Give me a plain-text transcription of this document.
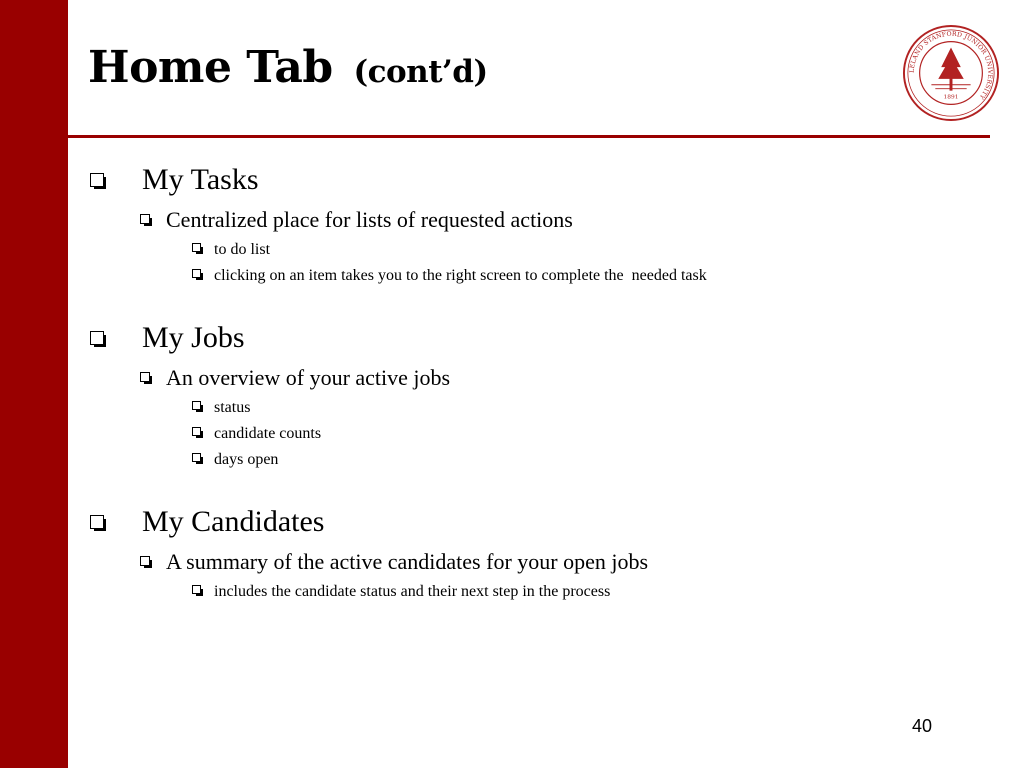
Home Tab (cont’d)	LELAND STANFORD JUNIOR UNIVERSITY
1891
My Tasks
Centralized place for lists of requested actions
to do list
clicking on an item takes you to the right screen to complete the  needed task
My Jobs
An overview of your active jobs
status
candidate counts
days open
My Candidates
A summary of the active candidates for your open jobs
includes the candidate status and their next step in the process
40
